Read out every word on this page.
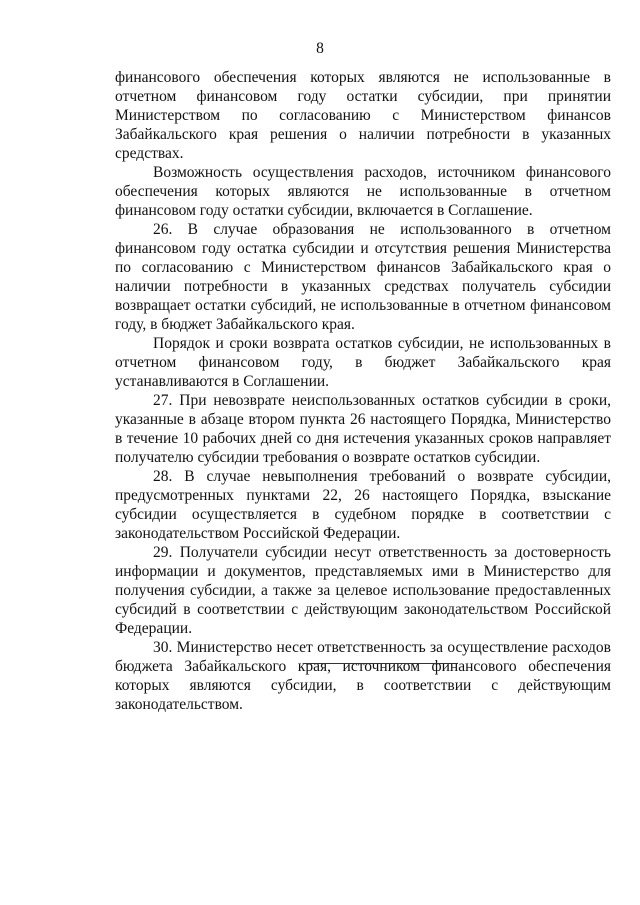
8

финансового обеспечения которых являются не использованные в отчетном финансовом году остатки субсидии, при принятии Министерством по согласованию с Министерством финансов Забайкальского края решения о наличии потребности в указанных средствах.

Возможность осуществления расходов, источником финансового обеспечения которых являются не использованные в отчетном финансовом году остатки субсидии, включается в Соглашение.

26. В случае образования не использованного в отчетном финансовом году остатка субсидии и отсутствия решения Министерства по согласованию с Министерством финансов Забайкальского края о наличии потребности в указанных средствах получатель субсидии возвращает остатки субсидий, не использованные в отчетном финансовом году, в бюджет Забайкальского края.

Порядок и сроки возврата остатков субсидии, не использованных в отчетном финансовом году, в бюджет Забайкальского края устанавливаются в Соглашении.

27. При невозврате неиспользованных остатков субсидии в сроки, указанные в абзаце втором пункта 26 настоящего Порядка, Министерство в течение 10 рабочих дней со дня истечения указанных сроков направляет получателю субсидии требования о возврате остатков субсидии.

28. В случае невыполнения требований о возврате субсидии, предусмотренных пунктами 22, 26 настоящего Порядка, взыскание субсидии осуществляется в судебном порядке в соответствии с законодательством Российской Федерации.

29. Получатели субсидии несут ответственность за достоверность информации и документов, представляемых ими в Министерство для получения субсидии, а также за целевое использование предоставленных субсидий в соответствии с действующим законодательством Российской Федерации.

30. Министерство несет ответственность за осуществление расходов бюджета Забайкальского края, источником финансового обеспечения которых являются субсидии, в соответствии с действующим законодательством.
